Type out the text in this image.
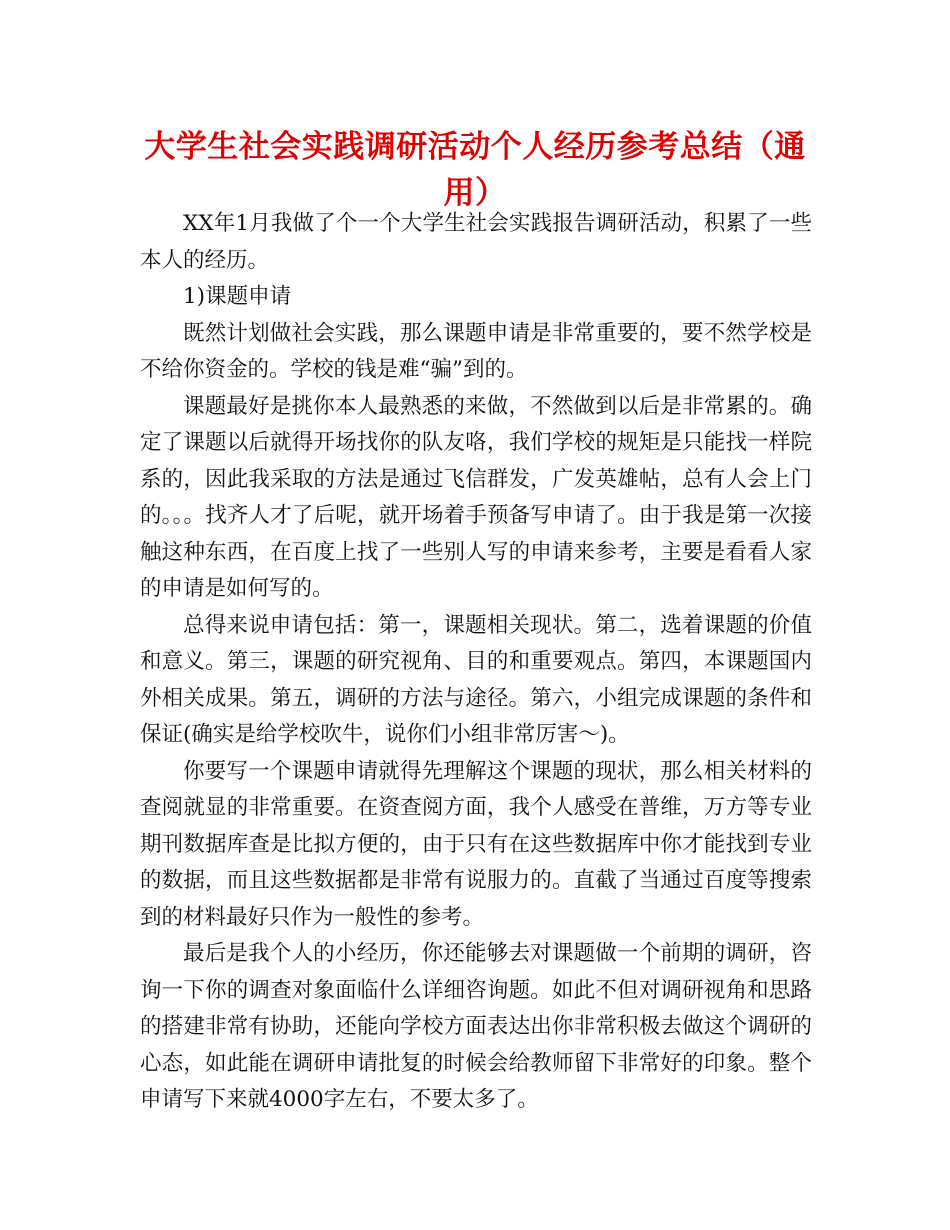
大学生社会实践调研活动个人经历参考总结（通用）

XX年1月我做了个一个大学生社会实践报告调研活动，积累了一些本人的经历。

1)课题申请

既然计划做社会实践，那么课题申请是非常重要的，要不然学校是不给你资金的。学校的钱是难“骗”到的。

课题最好是挑你本人最熟悉的来做，不然做到以后是非常累的。确定了课题以后就得开场找你的队友咯，我们学校的规矩是只能找一样院系的，因此我采取的方法是通过飞信群发，广发英雄帖，总有人会上门的。。。找齐人才了后呢，就开场着手预备写申请了。由于我是第一次接触这种东西，在百度上找了一些别人写的申请来参考，主要是看看人家的申请是如何写的。

总得来说申请包括：第一，课题相关现状。第二，选着课题的价值和意义。第三，课题的研究视角、目的和重要观点。第四，本课题国内外相关成果。第五，调研的方法与途径。第六，小组完成课题的条件和保证(确实是给学校吹牛，说你们小组非常厉害～)。

你要写一个课题申请就得先理解这个课题的现状，那么相关材料的查阅就显的非常重要。在资查阅方面，我个人感受在普维，万方等专业期刊数据库查是比拟方便的，由于只有在这些数据库中你才能找到专业的数据，而且这些数据都是非常有说服力的。直截了当通过百度等搜索到的材料最好只作为一般性的参考。

最后是我个人的小经历，你还能够去对课题做一个前期的调研，咨询一下你的调查对象面临什么详细咨询题。如此不但对调研视角和思路的搭建非常有协助，还能向学校方面表达出你非常积极去做这个调研的心态，如此能在调研申请批复的时候会给教师留下非常好的印象。整个申请写下来就4000字左右，不要太多了。
